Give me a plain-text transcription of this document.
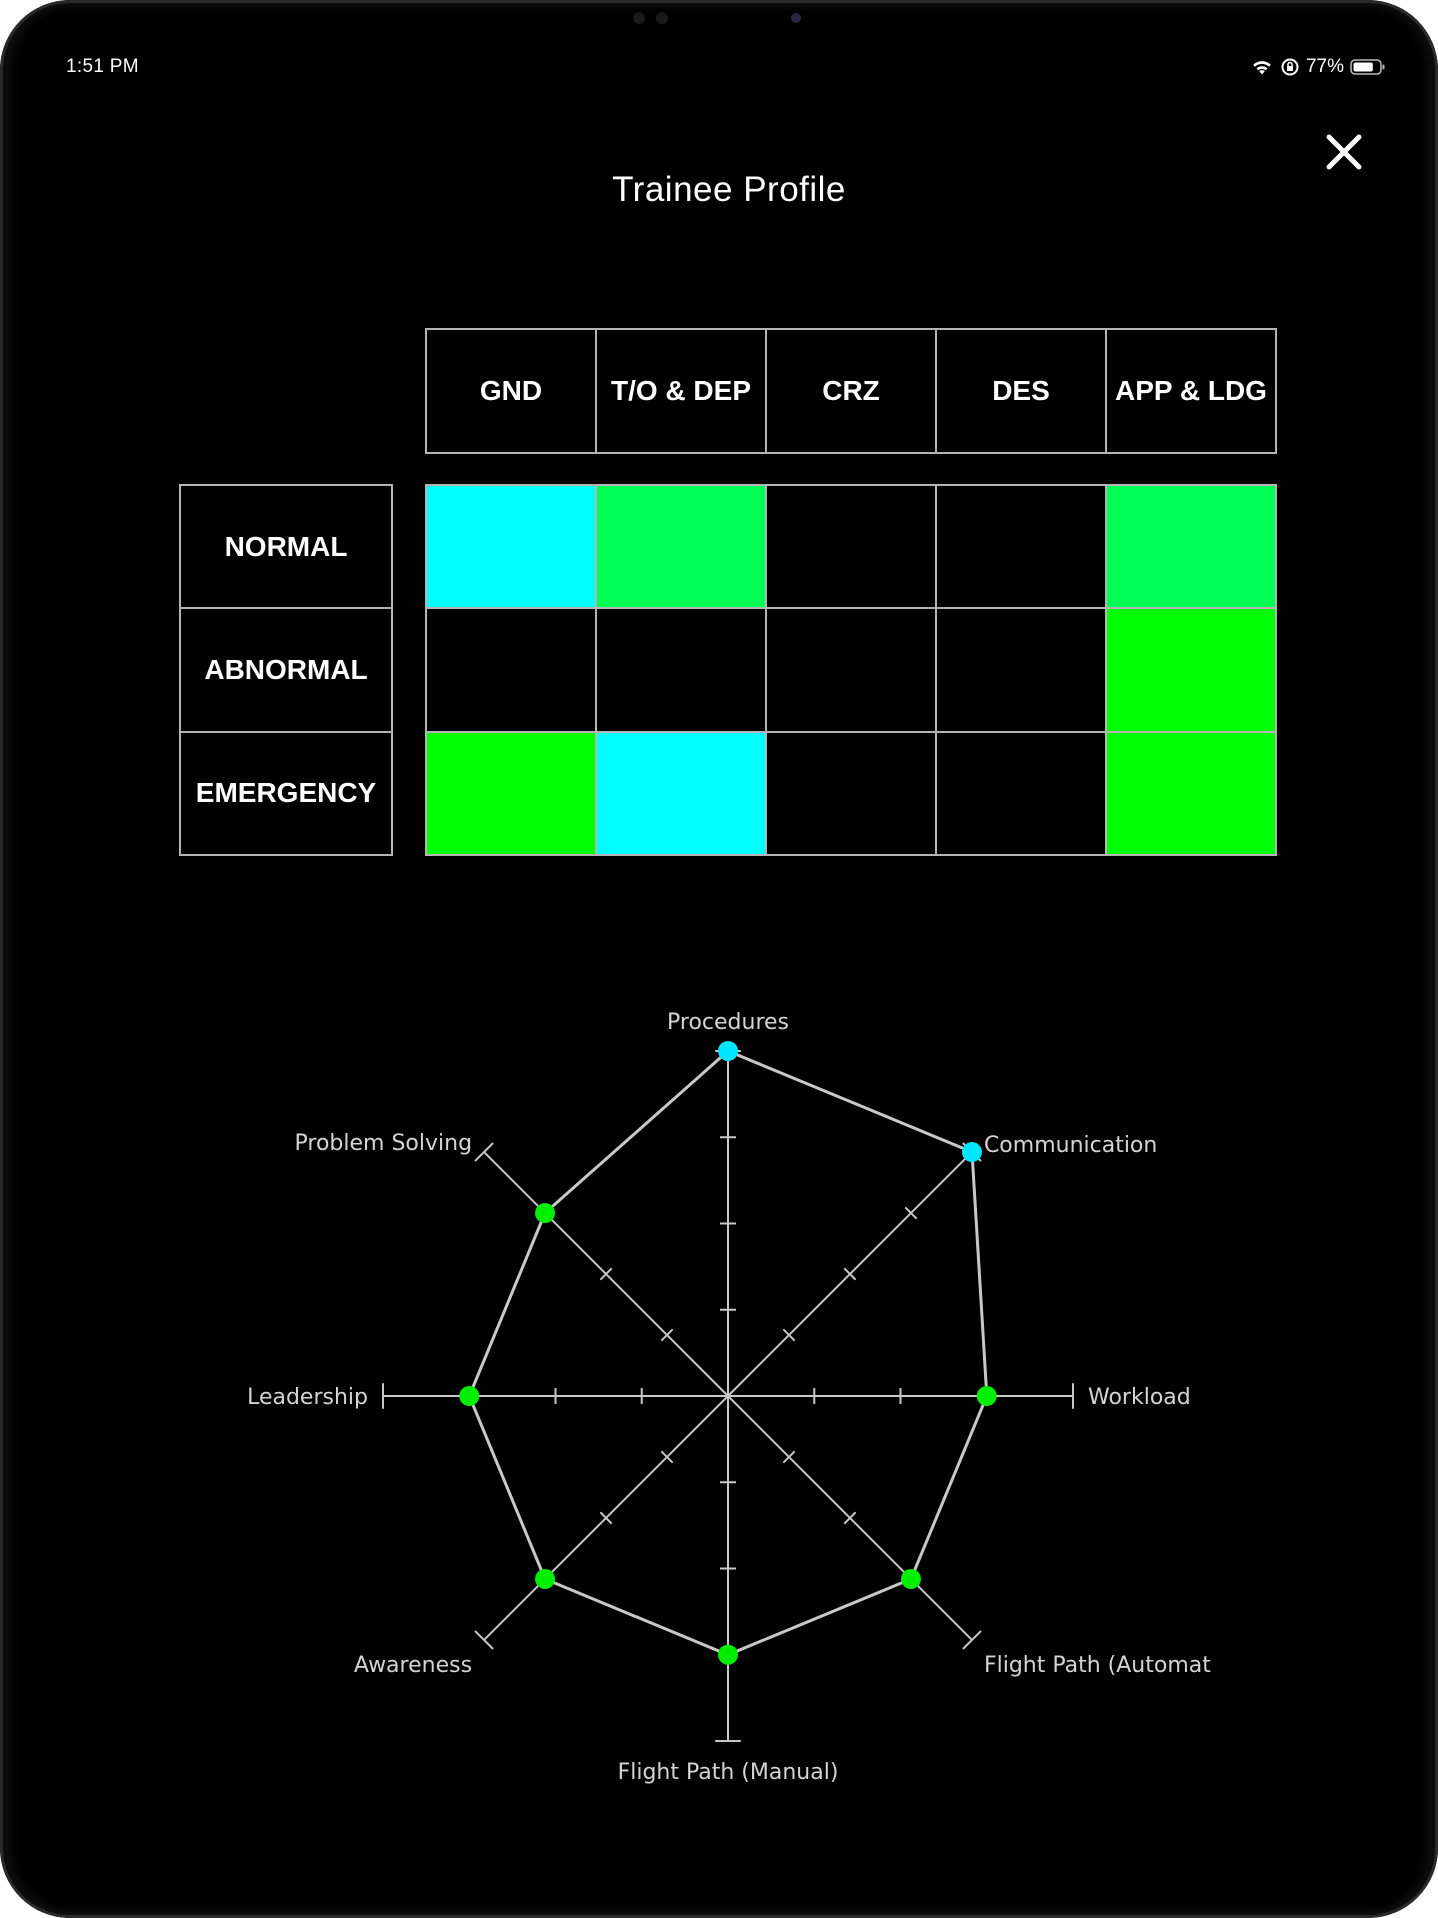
1:51 PM	77%
Trainee Profile
GND	T/O & DEP	CRZ	DES	APP & LDG
NORMAL
ABNORMAL
EMERGENCY
Procedures
Communication
Workload
Flight Path (Automat
Flight Path (Manual)
Awareness
Leadership
Problem Solving
